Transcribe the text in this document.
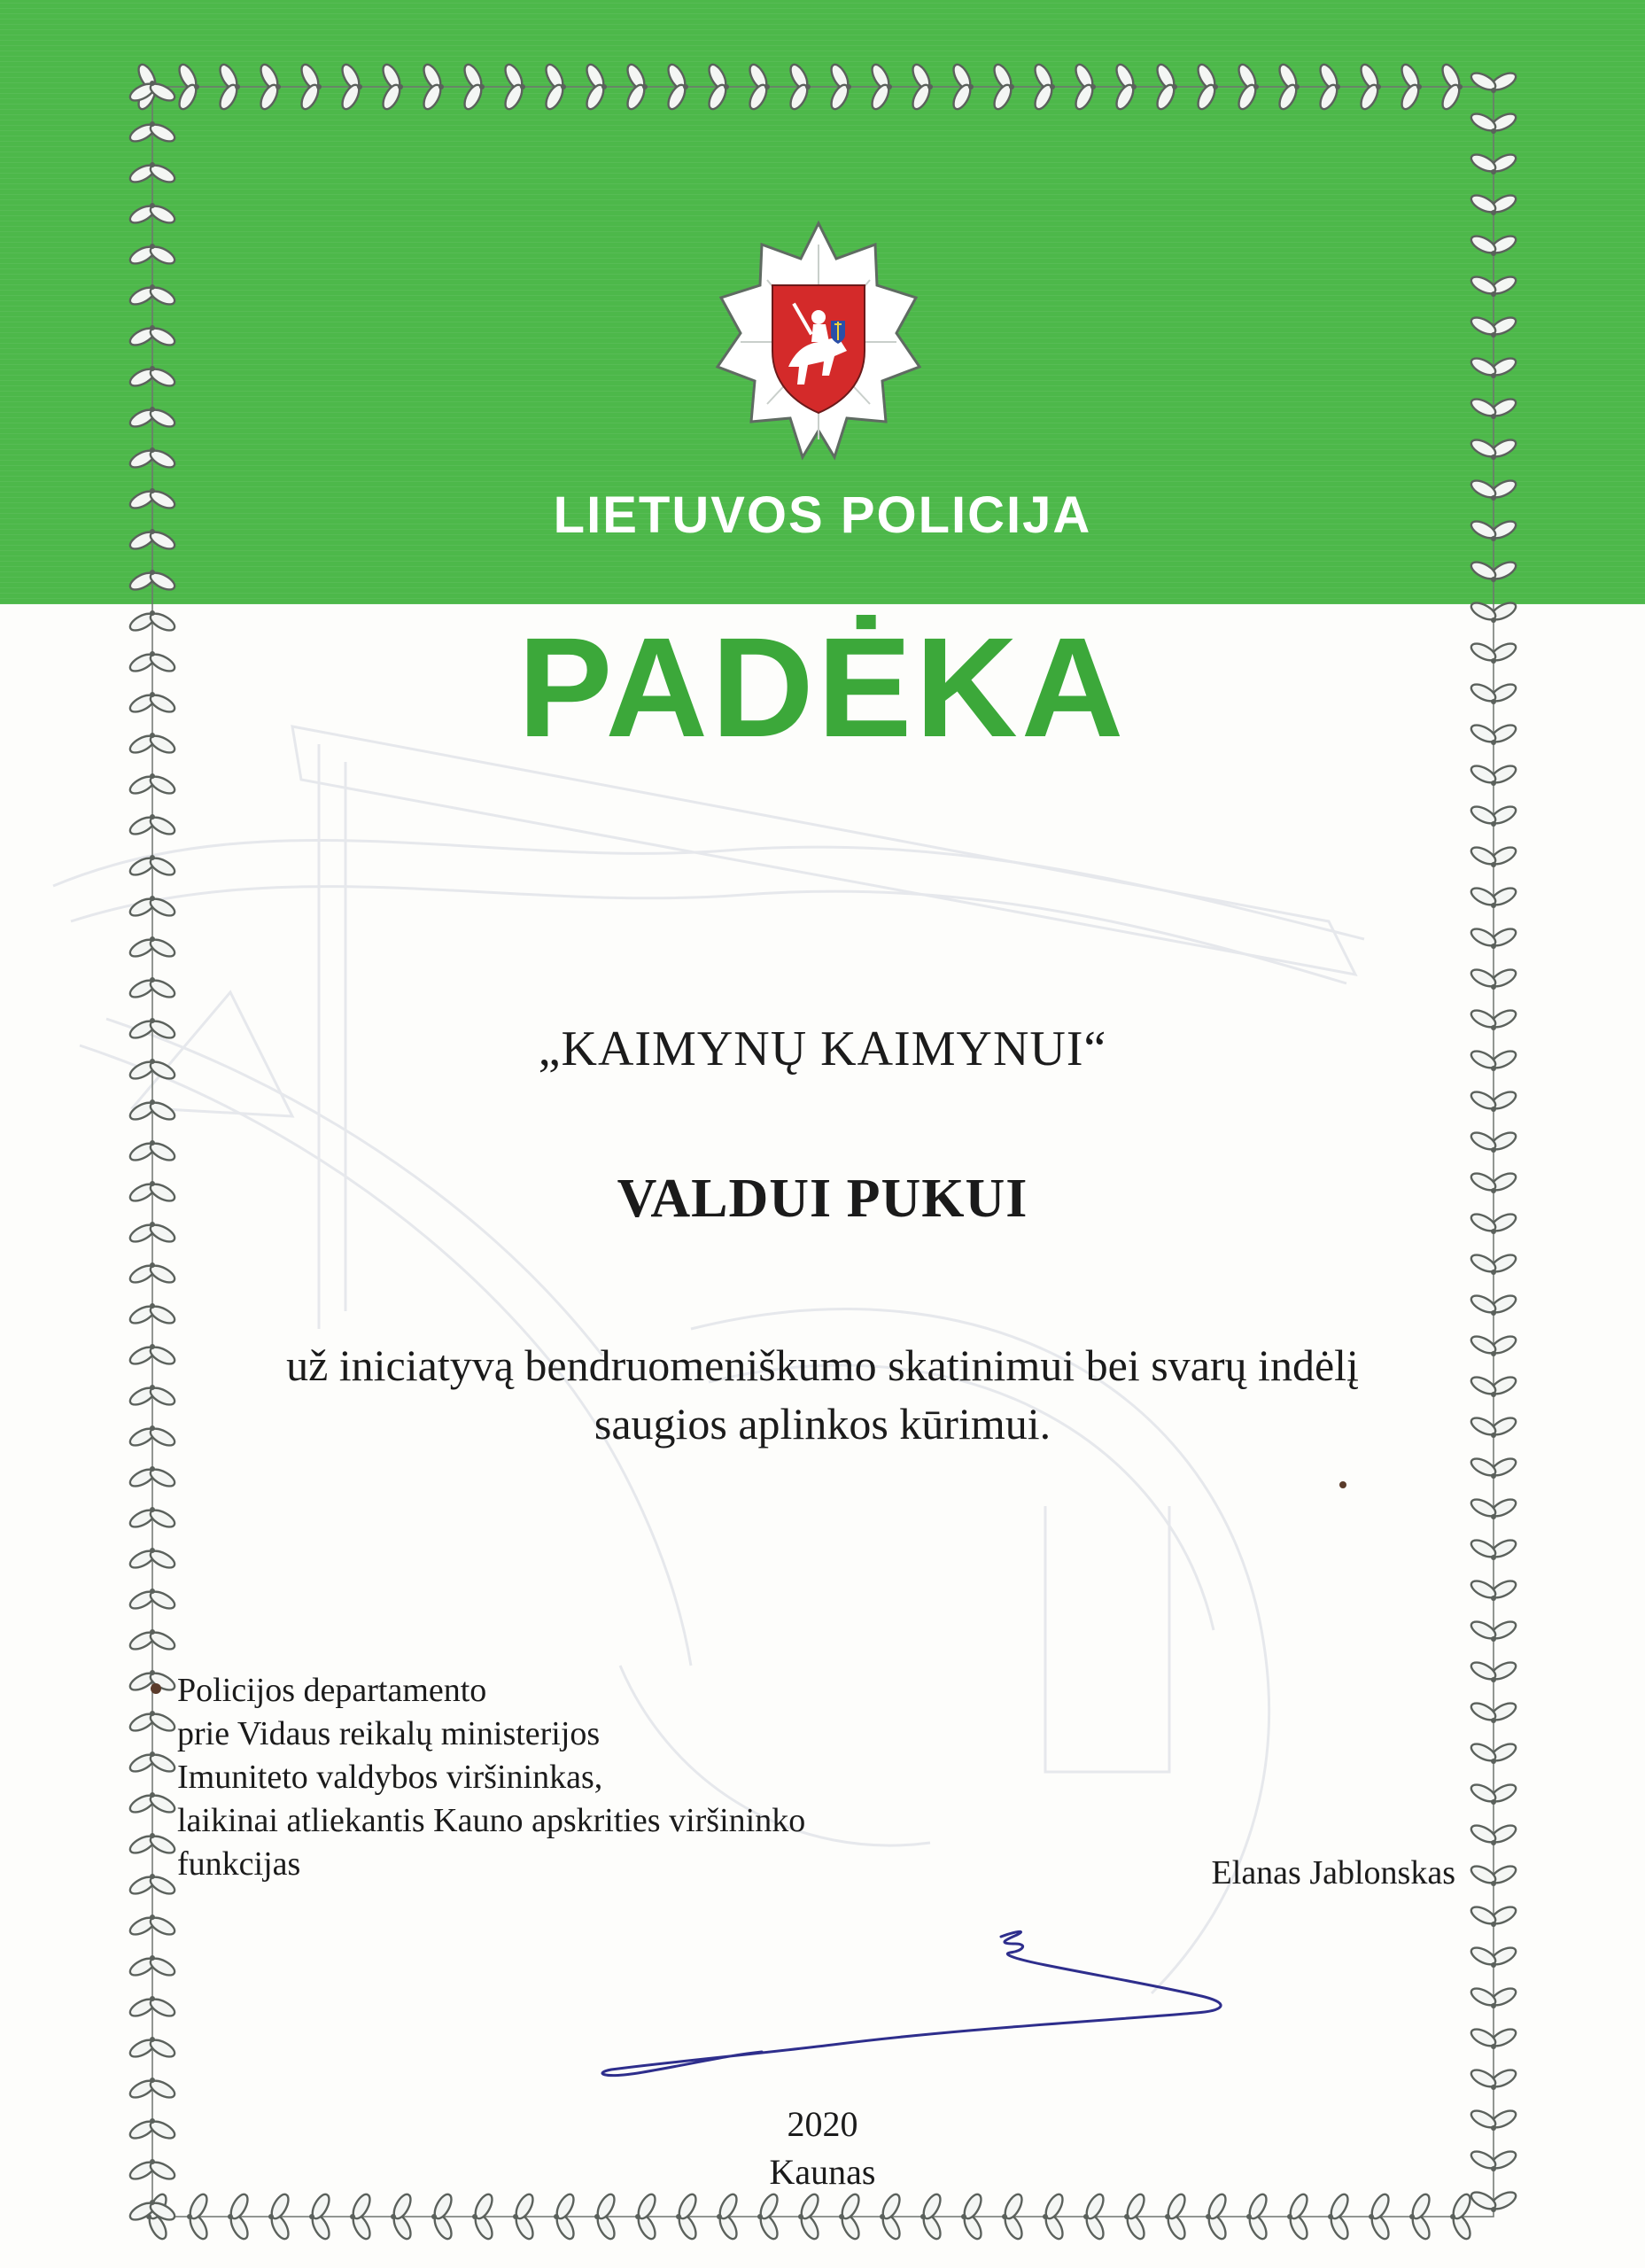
LIETUVOS POLICIJA
PADĖKA
„KAIMYNŲ KAIMYNUI“
VALDUI PUKUI
už iniciatyvą bendruomeniškumo skatinimui bei svarų indėlį
saugios aplinkos kūrimui.
Policijos departamento
prie Vidaus reikalų ministerijos
Imuniteto valdybos viršininkas,
laikinai atliekantis Kauno apskrities viršininko
funkcijas	Elanas Jablonskas
2020
Kaunas
